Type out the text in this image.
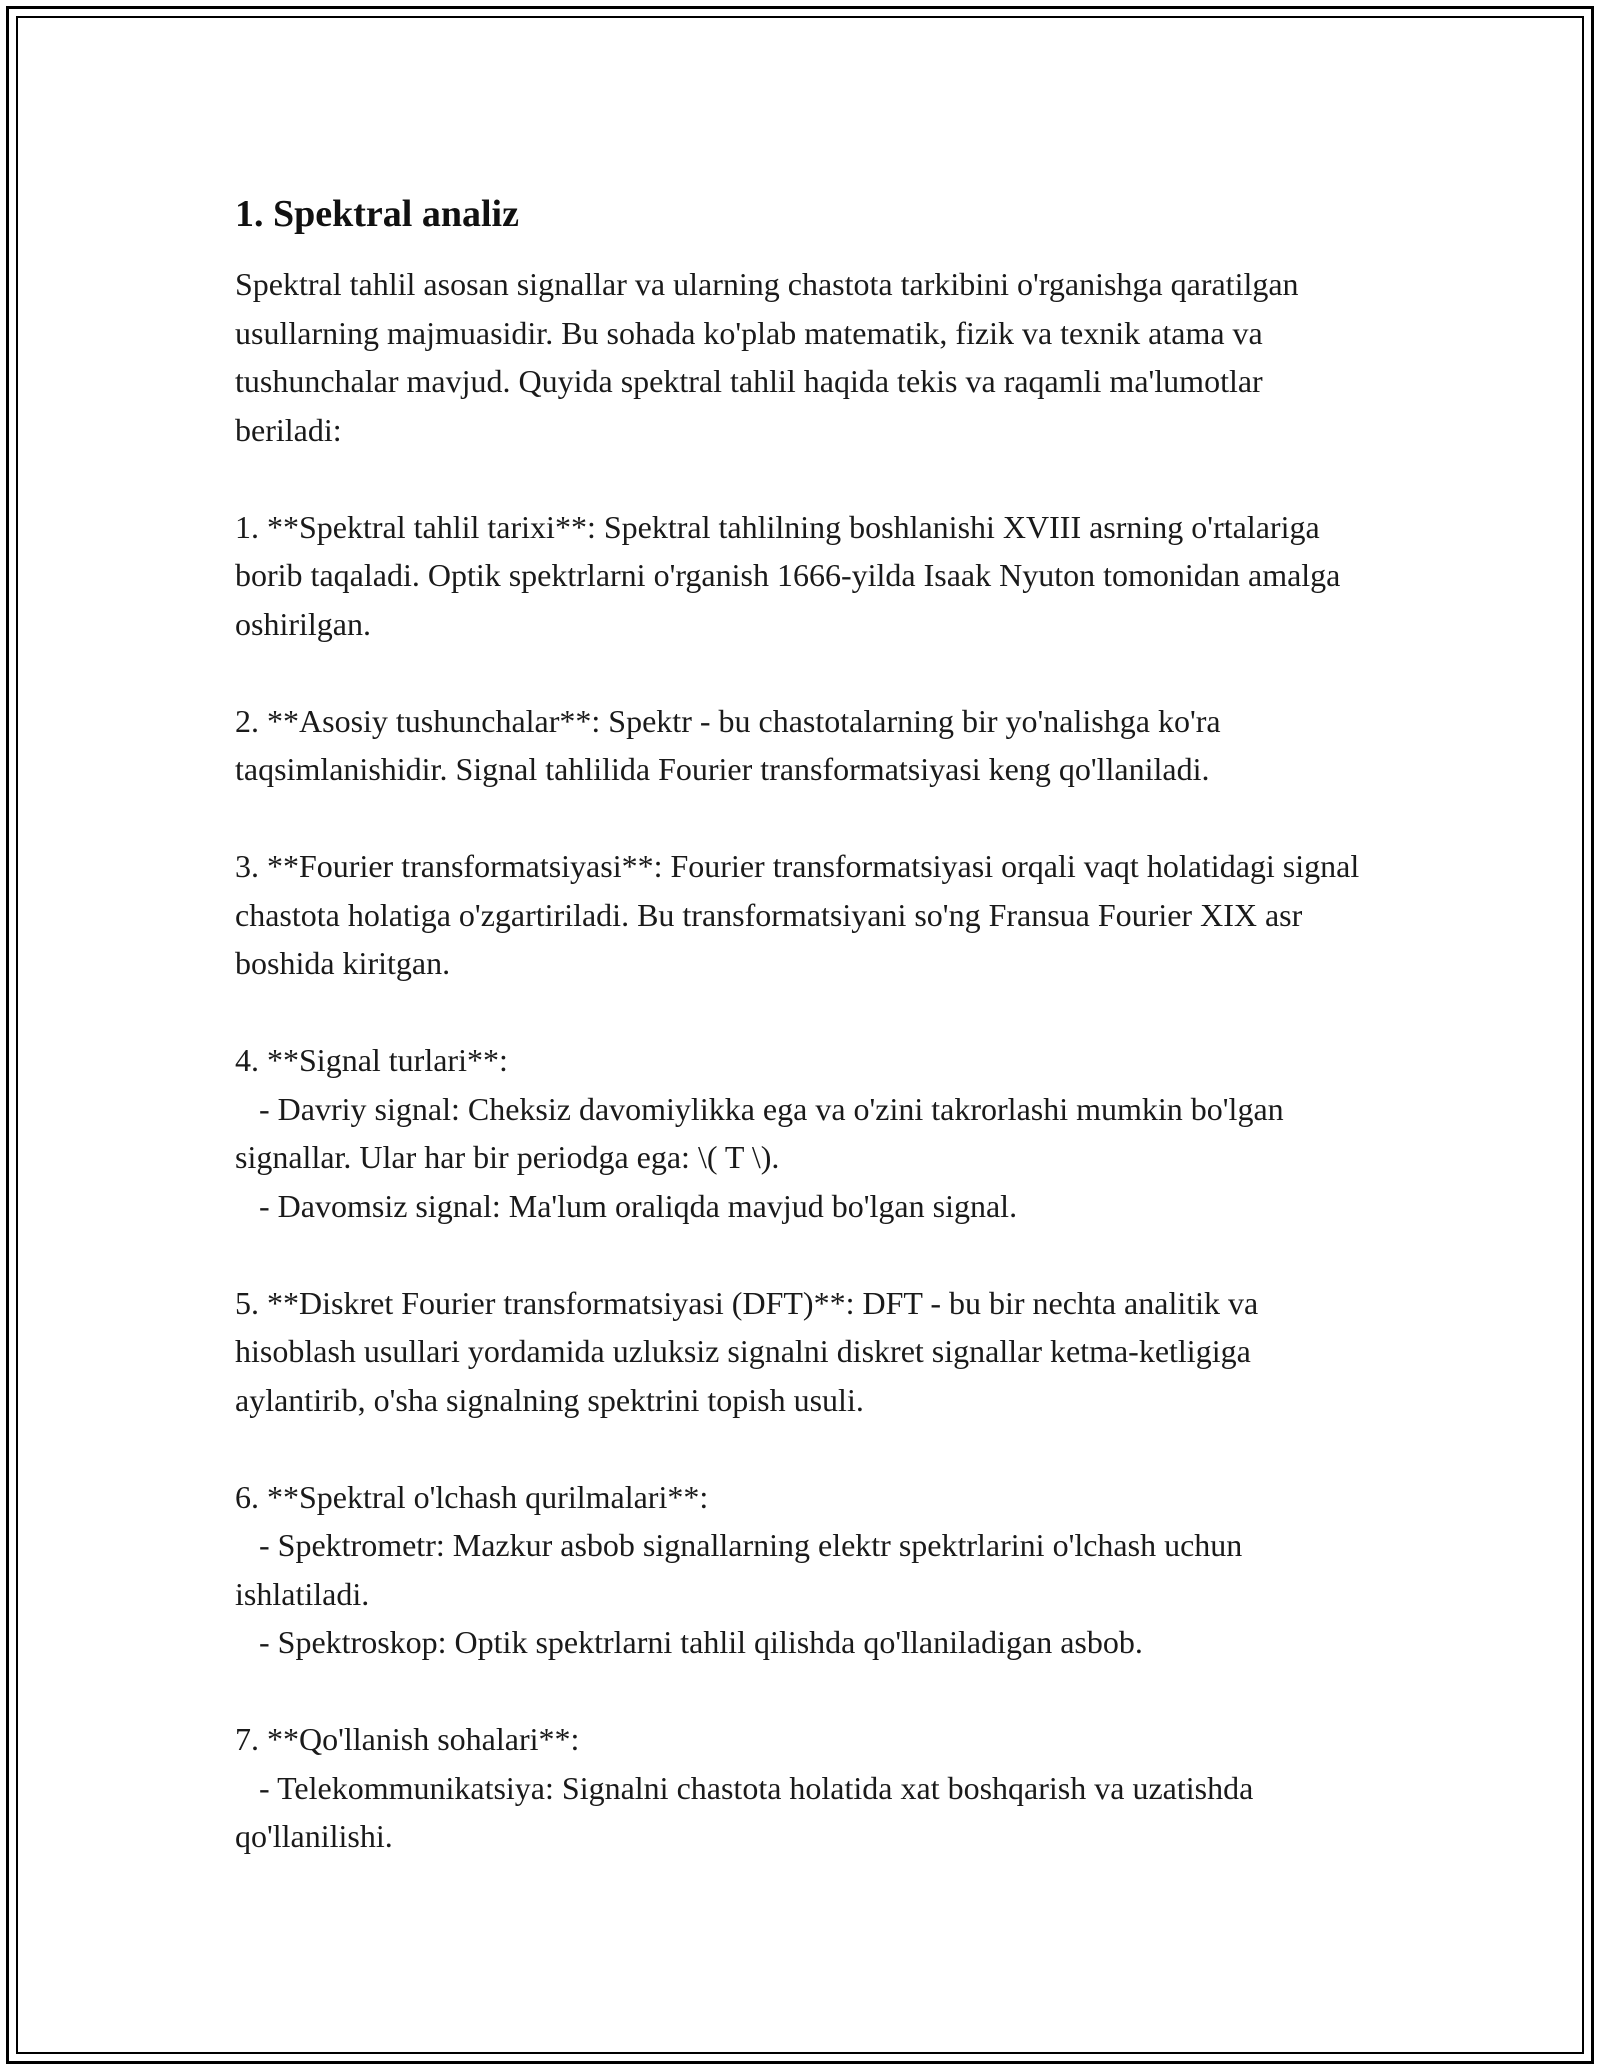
1. Spektral analiz

Spektral tahlil asosan signallar va ularning chastota tarkibini o'rganishga qaratilgan usullarning majmuasidir. Bu sohada ko'plab matematik, fizik va texnik atama va tushunchalar mavjud. Quyida spektral tahlil haqida tekis va raqamli ma'lumotlar beriladi:

1. **Spektral tahlil tarixi**: Spektral tahlilning boshlanishi XVIII asrning o'rtalariga borib taqaladi. Optik spektrlarni o'rganish 1666-yilda Isaak Nyuton tomonidan amalga oshirilgan.

2. **Asosiy tushunchalar**: Spektr - bu chastotalarning bir yo'nalishga ko'ra taqsimlanishidir. Signal tahlilida Fourier transformatsiyasi keng qo'llaniladi.

3. **Fourier transformatsiyasi**: Fourier transformatsiyasi orqali vaqt holatidagi signal chastota holatiga o'zgartiriladi. Bu transformatsiyani so'ng Fransua Fourier XIX asr boshida kiritgan.

4. **Signal turlari**:
- Davriy signal: Cheksiz davomiylikka ega va o'zini takrorlashi mumkin bo'lgan signallar. Ular har bir periodga ega: \( T \).
- Davomsiz signal: Ma'lum oraliqda mavjud bo'lgan signal.

5. **Diskret Fourier transformatsiyasi (DFT)**: DFT - bu bir nechta analitik va hisoblash usullari yordamida uzluksiz signalni diskret signallar ketma-ketligiga aylantirib, o'sha signalning spektrini topish usuli.

6. **Spektral o'lchash qurilmalari**:
- Spektrometr: Mazkur asbob signallarning elektr spektrlarini o'lchash uchun ishlatiladi.
- Spektroskop: Optik spektrlarni tahlil qilishda qo'llaniladigan asbob.

7. **Qo'llanish sohalari**:
- Telekommunikatsiya: Signalni chastota holatida xat boshqarish va uzatishda qo'llanilishi.
